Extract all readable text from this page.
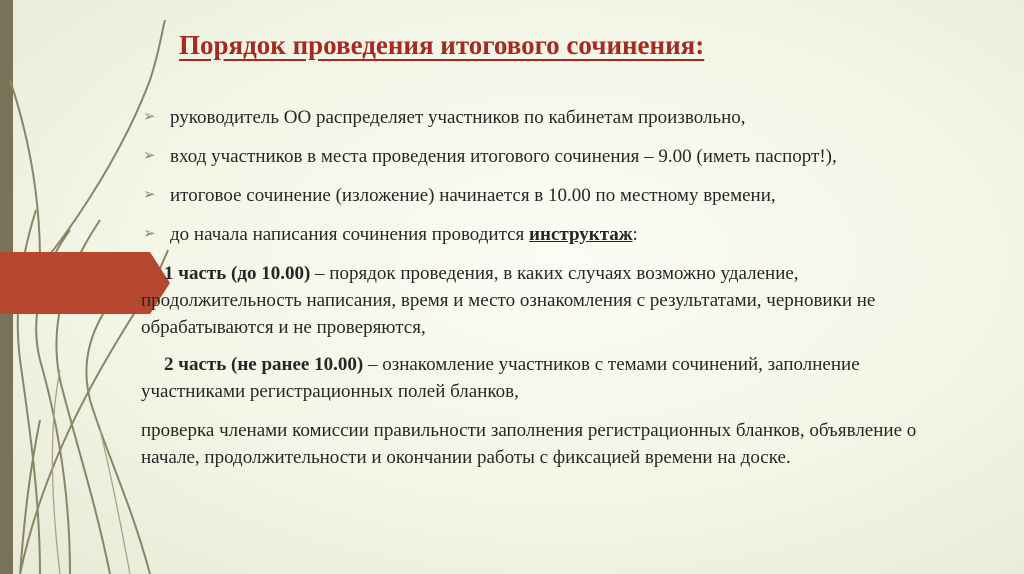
Порядок проведения итогового сочинения:
➢ руководитель ОО распределяет участников по кабинетам произвольно,
➢ вход участников в места проведения итогового сочинения – 9.00 (иметь паспорт!),
➢ итоговое сочинение (изложение) начинается в 10.00 по местному времени,
➢ до начала написания сочинения проводится инструктаж:

1 часть (до 10.00) – порядок проведения, в каких случаях возможно удаление, продолжительность написания, время и место ознакомления с результатами, черновики не обрабатываются и не проверяются,

2 часть (не ранее 10.00) – ознакомление участников с темами сочинений, заполнение участниками регистрационных полей бланков,

проверка членами комиссии правильности заполнения регистрационных бланков, объявление о начале, продолжительности и окончании работы с фиксацией времени на доске.
